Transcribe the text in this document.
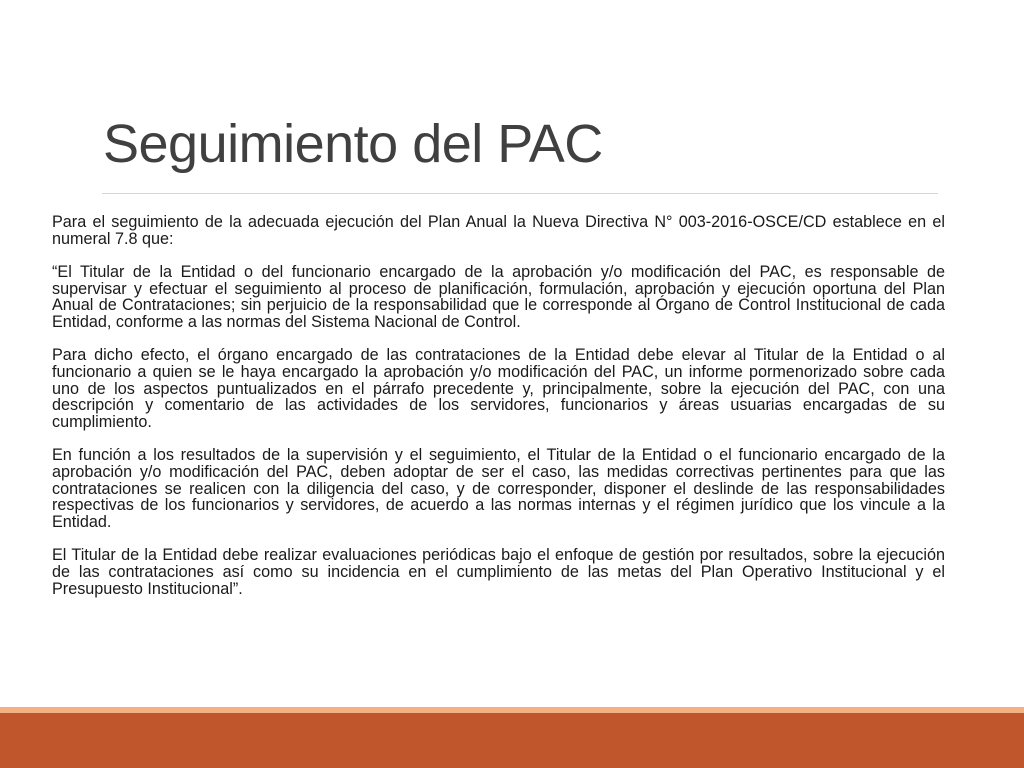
Seguimiento del PAC

Para el seguimiento de la adecuada ejecución del Plan Anual la Nueva Directiva N° 003-2016-OSCE/CD establece en el numeral 7.8 que:

“El Titular de la Entidad o del funcionario encargado de la aprobación y/o modificación del PAC, es responsable de supervisar y efectuar el seguimiento al proceso de planificación, formulación, aprobación y ejecución oportuna del Plan Anual de Contrataciones; sin perjuicio de la responsabilidad que le corresponde al Órgano de Control Institucional de cada Entidad, conforme a las normas del Sistema Nacional de Control.

Para dicho efecto, el órgano encargado de las contrataciones de la Entidad debe elevar al Titular de la Entidad o al funcionario a quien se le haya encargado la aprobación y/o modificación del PAC, un informe pormenorizado sobre cada uno de los aspectos puntualizados en el párrafo precedente y, principalmente, sobre la ejecución del PAC, con una descripción y comentario de las actividades de los servidores, funcionarios y áreas usuarias encargadas de su cumplimiento.

En función a los resultados de la supervisión y el seguimiento, el Titular de la Entidad o el funcionario encargado de la aprobación y/o modificación del PAC, deben adoptar de ser el caso, las medidas correctivas pertinentes para que las contrataciones se realicen con la diligencia del caso, y de corresponder, disponer el deslinde de las responsabilidades respectivas de los funcionarios y servidores, de acuerdo a las normas internas y el régimen jurídico que los vincule a la Entidad.

El Titular de la Entidad debe realizar evaluaciones periódicas bajo el enfoque de gestión por resultados, sobre la ejecución de las contrataciones así como su incidencia en el cumplimiento de las metas del Plan Operativo Institucional y el Presupuesto Institucional”.
